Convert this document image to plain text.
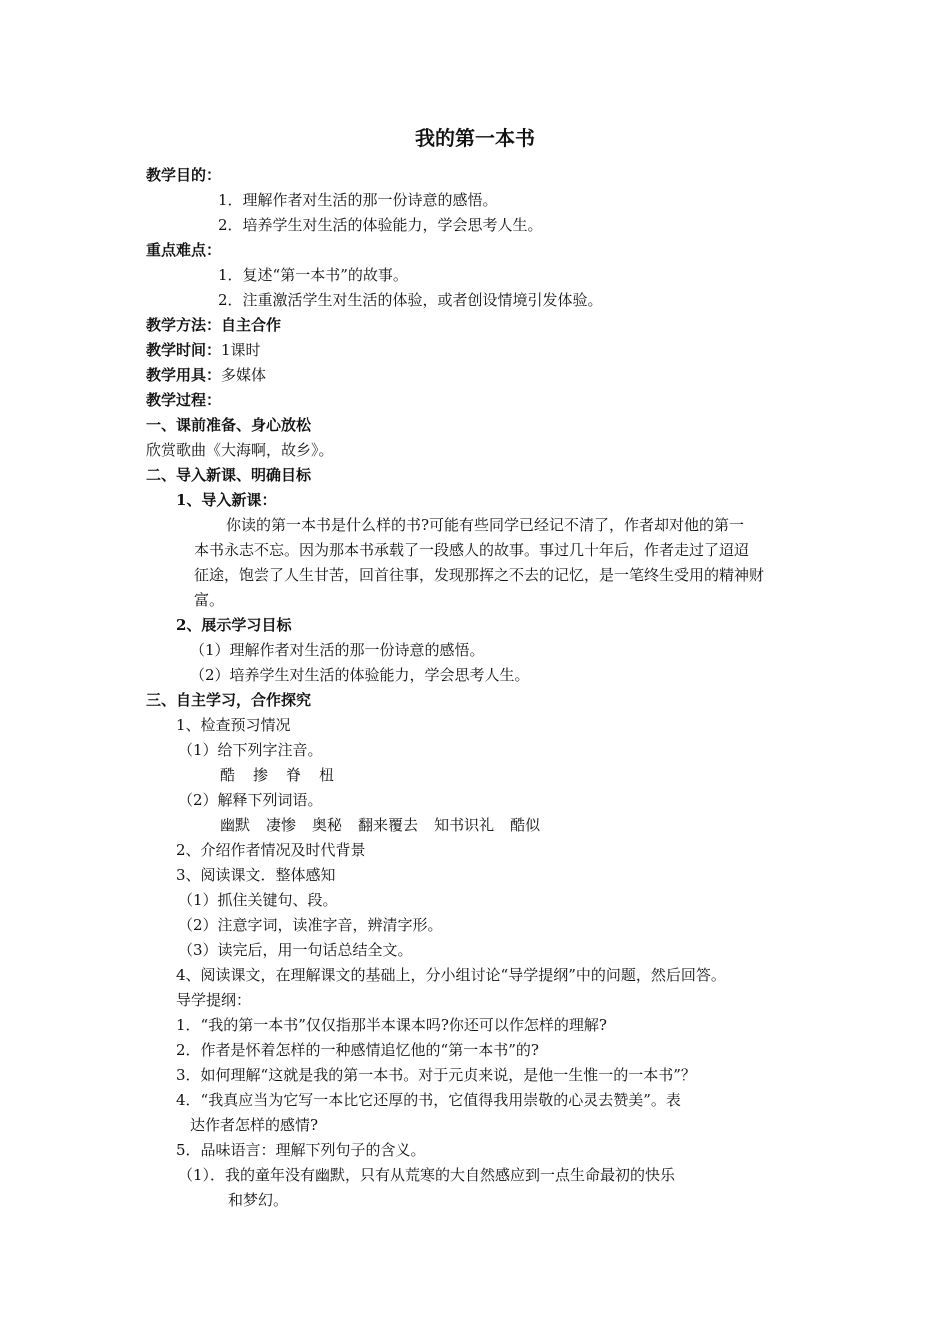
我的第一本书
教学目的：
1．理解作者对生活的那一份诗意的感悟。
2．培养学生对生活的体验能力，学会思考人生。
重点难点：
1．复述“第一本书”的故事。
2．注重激活学生对生活的体验，或者创设情境引发体验。
教学方法：自主合作
教学时间：1课时
教学用具：多媒体
教学过程：
一、课前准备、身心放松
欣赏歌曲《大海啊，故乡》。
二、导入新课、明确目标
1、导入新课：
你读的第一本书是什么样的书?可能有些同学已经记不清了，作者却对他的第一
本书永志不忘。因为那本书承载了一段感人的故事。事过几十年后，作者走过了迢迢
征途，饱尝了人生甘苦，回首往事，发现那挥之不去的记忆，是一笔终生受用的精神财
富。
2、展示学习目标
（1）理解作者对生活的那一份诗意的感悟。
（2）培养学生对生活的体验能力，学会思考人生。
三、自主学习，合作探究
1、检查预习情况
（1）给下列字注音。
酷 掺 脊 杻
（2）解释下列词语。
幽默 凄惨 奥秘 翻来覆去 知书识礼 酷似
2、介绍作者情况及时代背景
3、阅读课文．整体感知
（1）抓住关键句、段。
（2）注意字词，读准字音，辨清字形。
（3）读完后，用一句话总结全文。
4、阅读课文，在理解课文的基础上，分小组讨论“导学提纲”中的问题，然后回答。
导学提纲：
1．“我的第一本书”仅仅指那半本课本吗?你还可以作怎样的理解?
2．作者是怀着怎样的一种感情追忆他的“第一本书”的?
3．如何理解“这就是我的第一本书。对于元贞来说，是他一生惟一的一本书”？
4．“我真应当为它写一本比它还厚的书，它值得我用崇敬的心灵去赞美”。表
达作者怎样的感情?
5．品味语言：理解下列句子的含义。
（1）．我的童年没有幽默，只有从荒寒的大自然感应到一点生命最初的快乐
和梦幻。
